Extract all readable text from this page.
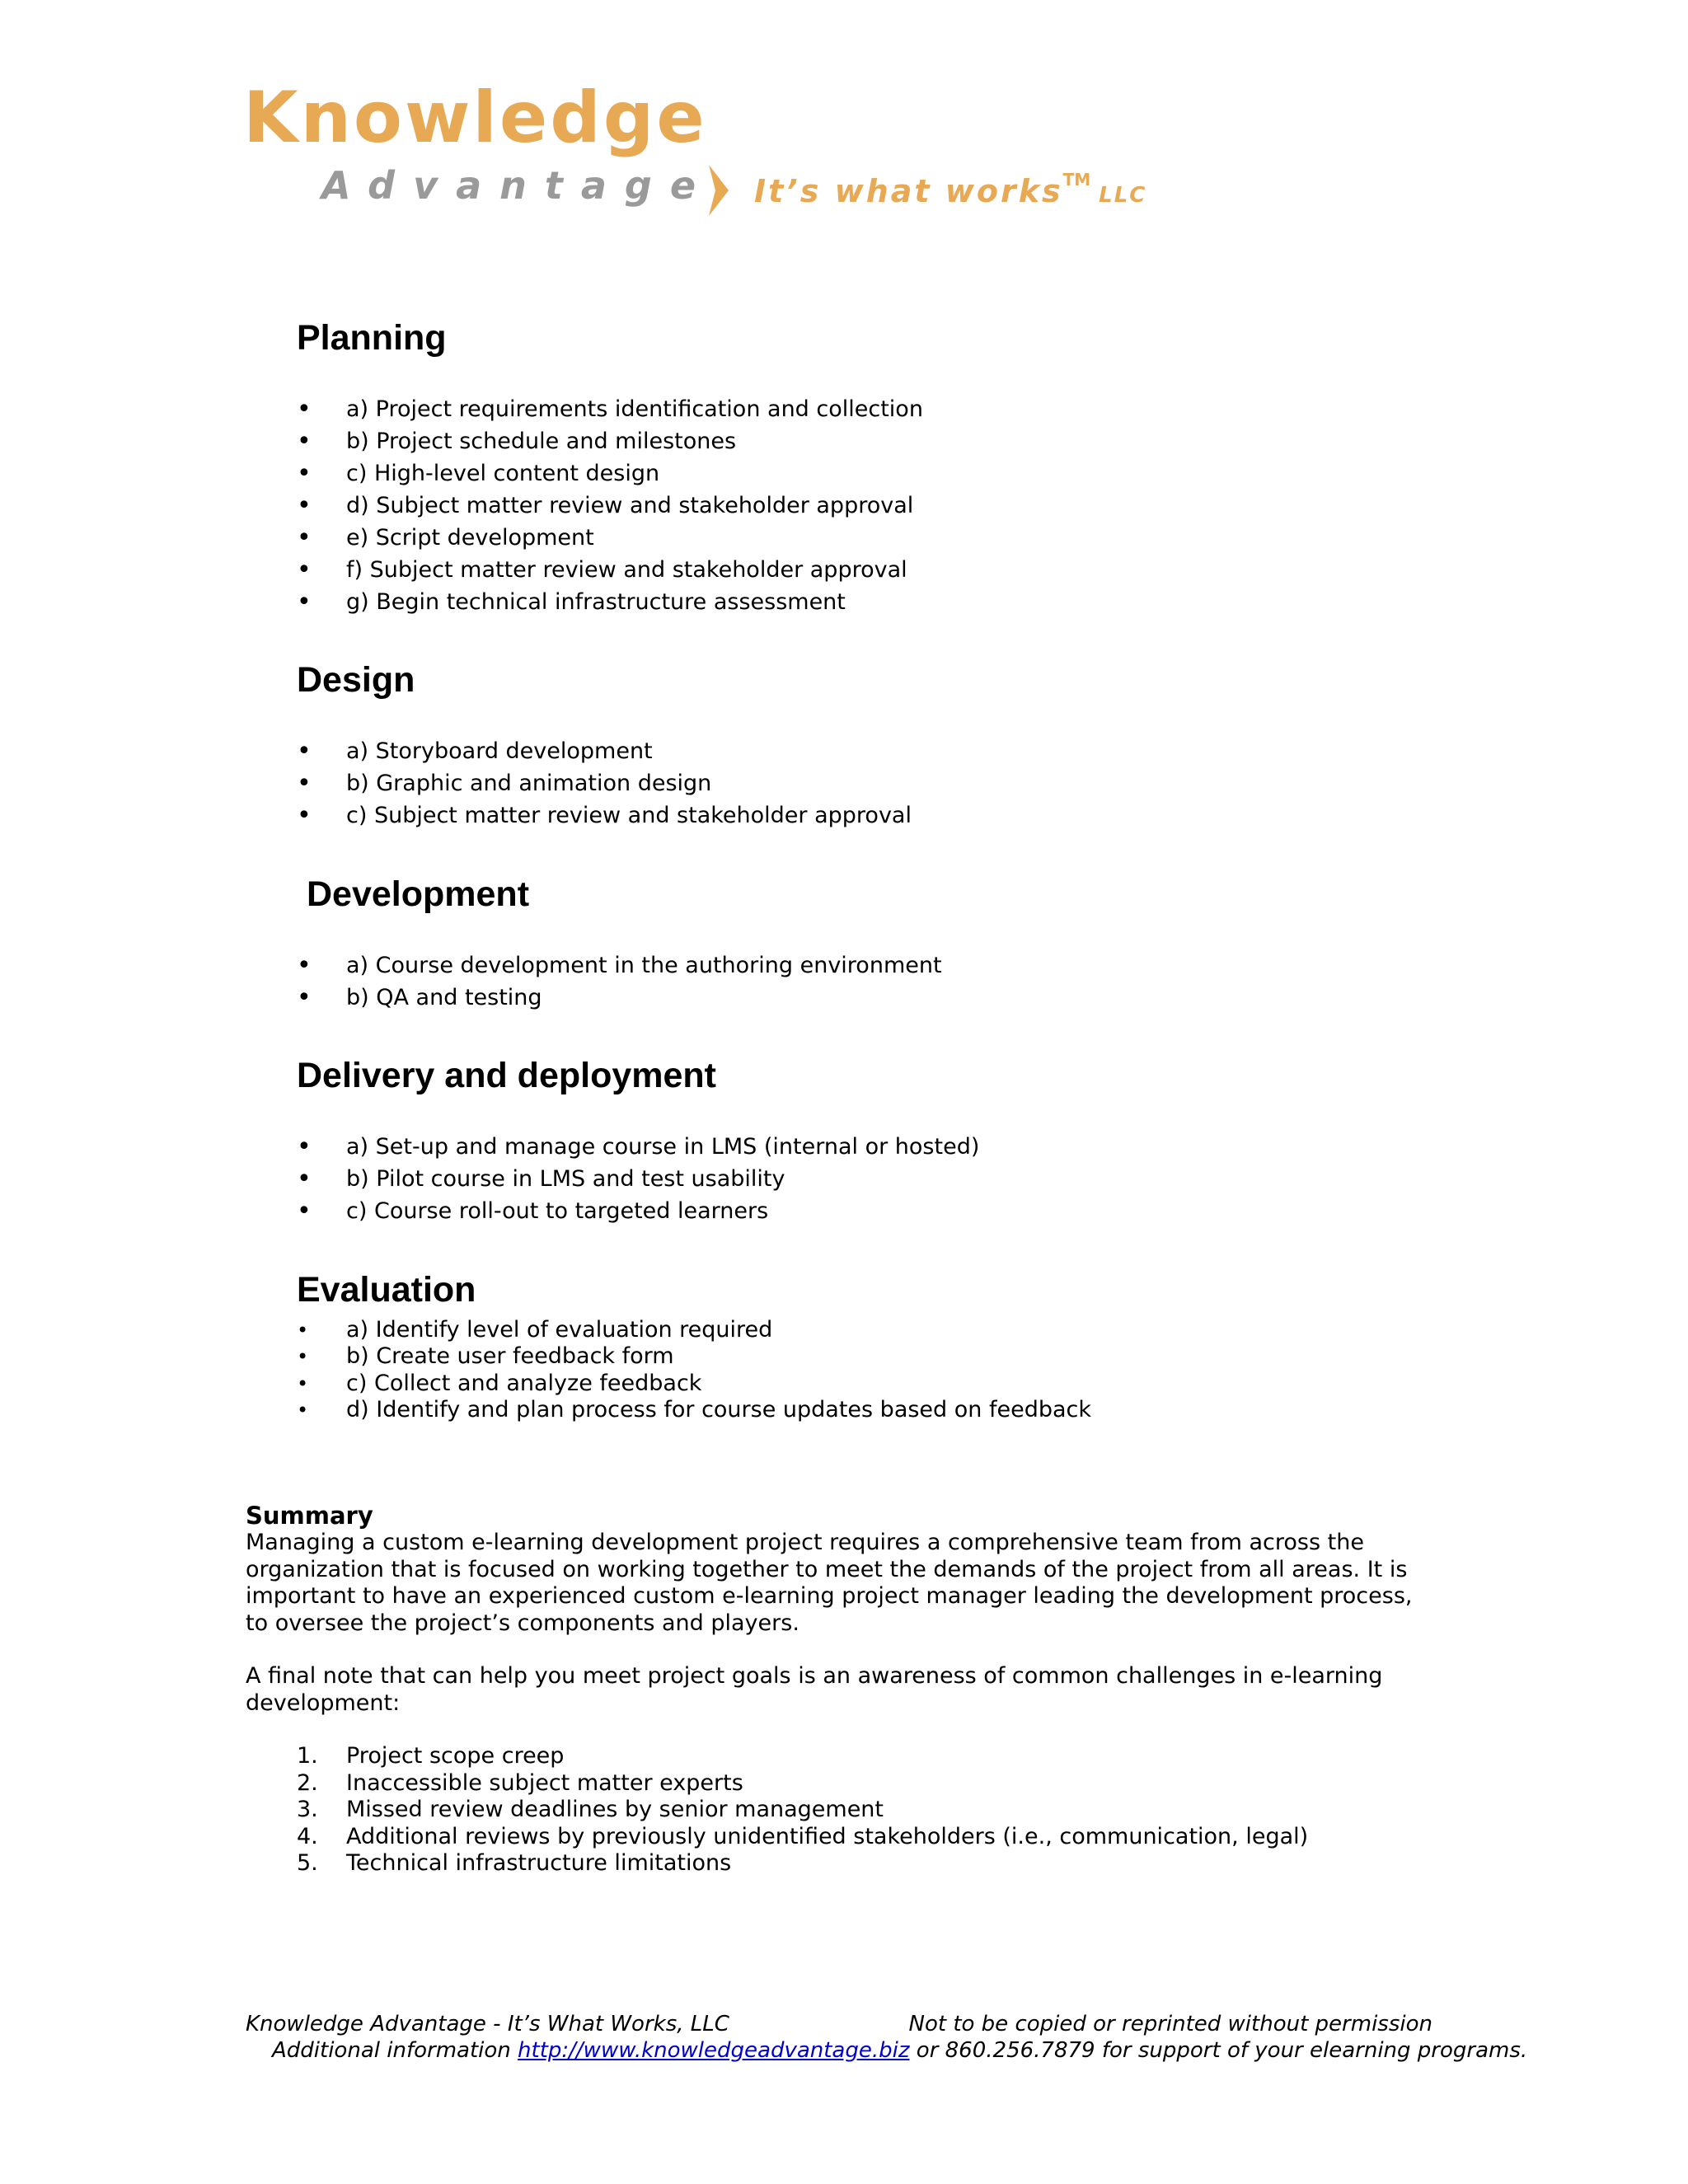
Knowledge
Advantage It’s what works™LLC
Planning
• a) Project requirements identification and collection
• b) Project schedule and milestones
• c) High-level content design
• d) Subject matter review and stakeholder approval
• e) Script development
• f) Subject matter review and stakeholder approval
• g) Begin technical infrastructure assessment
Design
• a) Storyboard development
• b) Graphic and animation design
• c) Subject matter review and stakeholder approval
Development
• a) Course development in the authoring environment
• b) QA and testing
Delivery and deployment
• a) Set-up and manage course in LMS (internal or hosted)
• b) Pilot course in LMS and test usability
• c) Course roll-out to targeted learners
Evaluation
• a) Identify level of evaluation required
• b) Create user feedback form
• c) Collect and analyze feedback
• d) Identify and plan process for course updates based on feedback
Summary

Managing a custom e-learning development project requires a comprehensive team from across the organization that is focused on working together to meet the demands of the project from all areas. It is important to have an experienced custom e-learning project manager leading the development process, to oversee the project’s components and players.

A final note that can help you meet project goals is an awareness of common challenges in e-learning development:

1. Project scope creep
2. Inaccessible subject matter experts
3. Missed review deadlines by senior management
4. Additional reviews by previously unidentified stakeholders (i.e., communication, legal)
5. Technical infrastructure limitations
Knowledge Advantage - It’s What Works, LLC	Not to be copied or reprinted without permission
Additional information http://www.knowledgeadvantage.biz or 860.256.7879 for support of your elearning programs.
